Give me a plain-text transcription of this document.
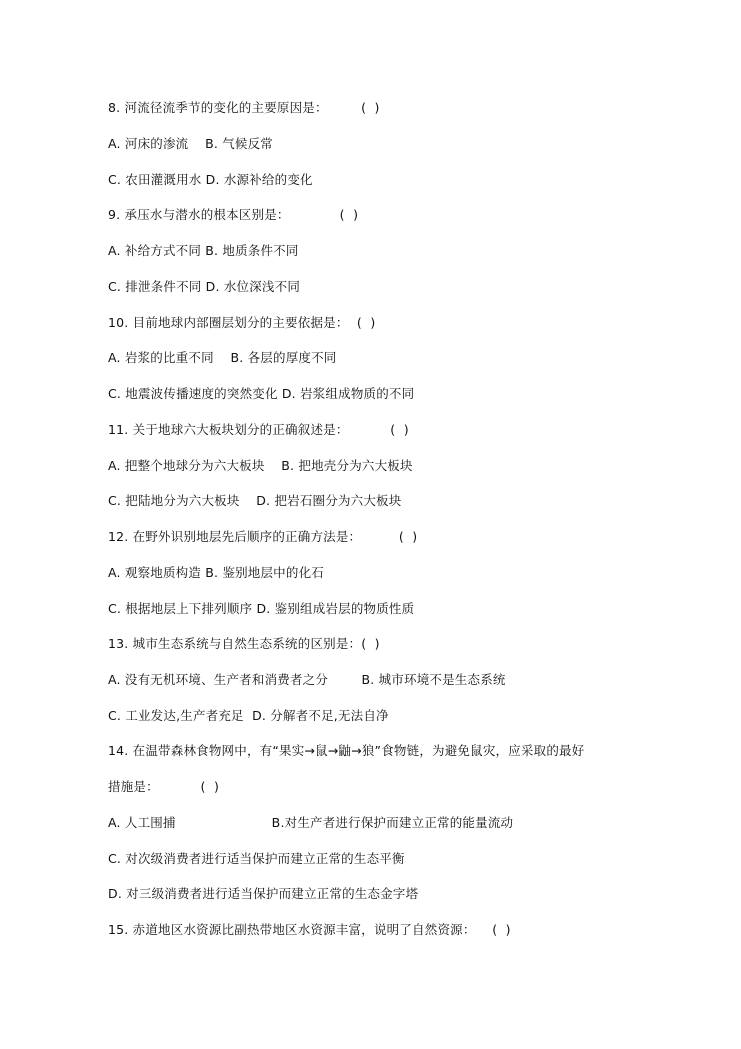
8. 河流径流季节的变化的主要原因是：        (  )
A. 河床的渗流    B. 气候反常
C. 农田灌溉用水 D. 水源补给的变化
9. 承压水与潜水的根本区别是：            (  )
A. 补给方式不同 B. 地质条件不同
C. 排泄条件不同 D. 水位深浅不同
10. 目前地球内部圈层划分的主要依据是：  (  )
A. 岩浆的比重不同    B. 各层的厚度不同
C. 地震波传播速度的突然变化 D. 岩浆组成物质的不同
11. 关于地球六大板块划分的正确叙述是：          (  )
A. 把整个地球分为六大板块    B. 把地壳分为六大板块
C. 把陆地分为六大板块    D. 把岩石圈分为六大板块
12. 在野外识别地层先后顺序的正确方法是：         (  )
A. 观察地质构造 B. 鉴别地层中的化石
C. 根据地层上下排列顺序 D. 鉴别组成岩层的物质性质
13. 城市生态系统与自然生态系统的区别是：(  )
A. 没有无机环境、生产者和消费者之分        B. 城市环境不是生态系统
C. 工业发达,生产者充足  D. 分解者不足,无法自净
14. 在温带森林食物网中，有“果实→鼠→鼬→狼”食物链，为避免鼠灾，应采取的最好
措施是：          (  )
A. 人工围捕                       B.对生产者进行保护而建立正常的能量流动
C. 对次级消费者进行适当保护而建立正常的生态平衡
D. 对三级消费者进行适当保护而建立正常的生态金字塔
15. 赤道地区水资源比副热带地区水资源丰富，说明了自然资源：    (  )
